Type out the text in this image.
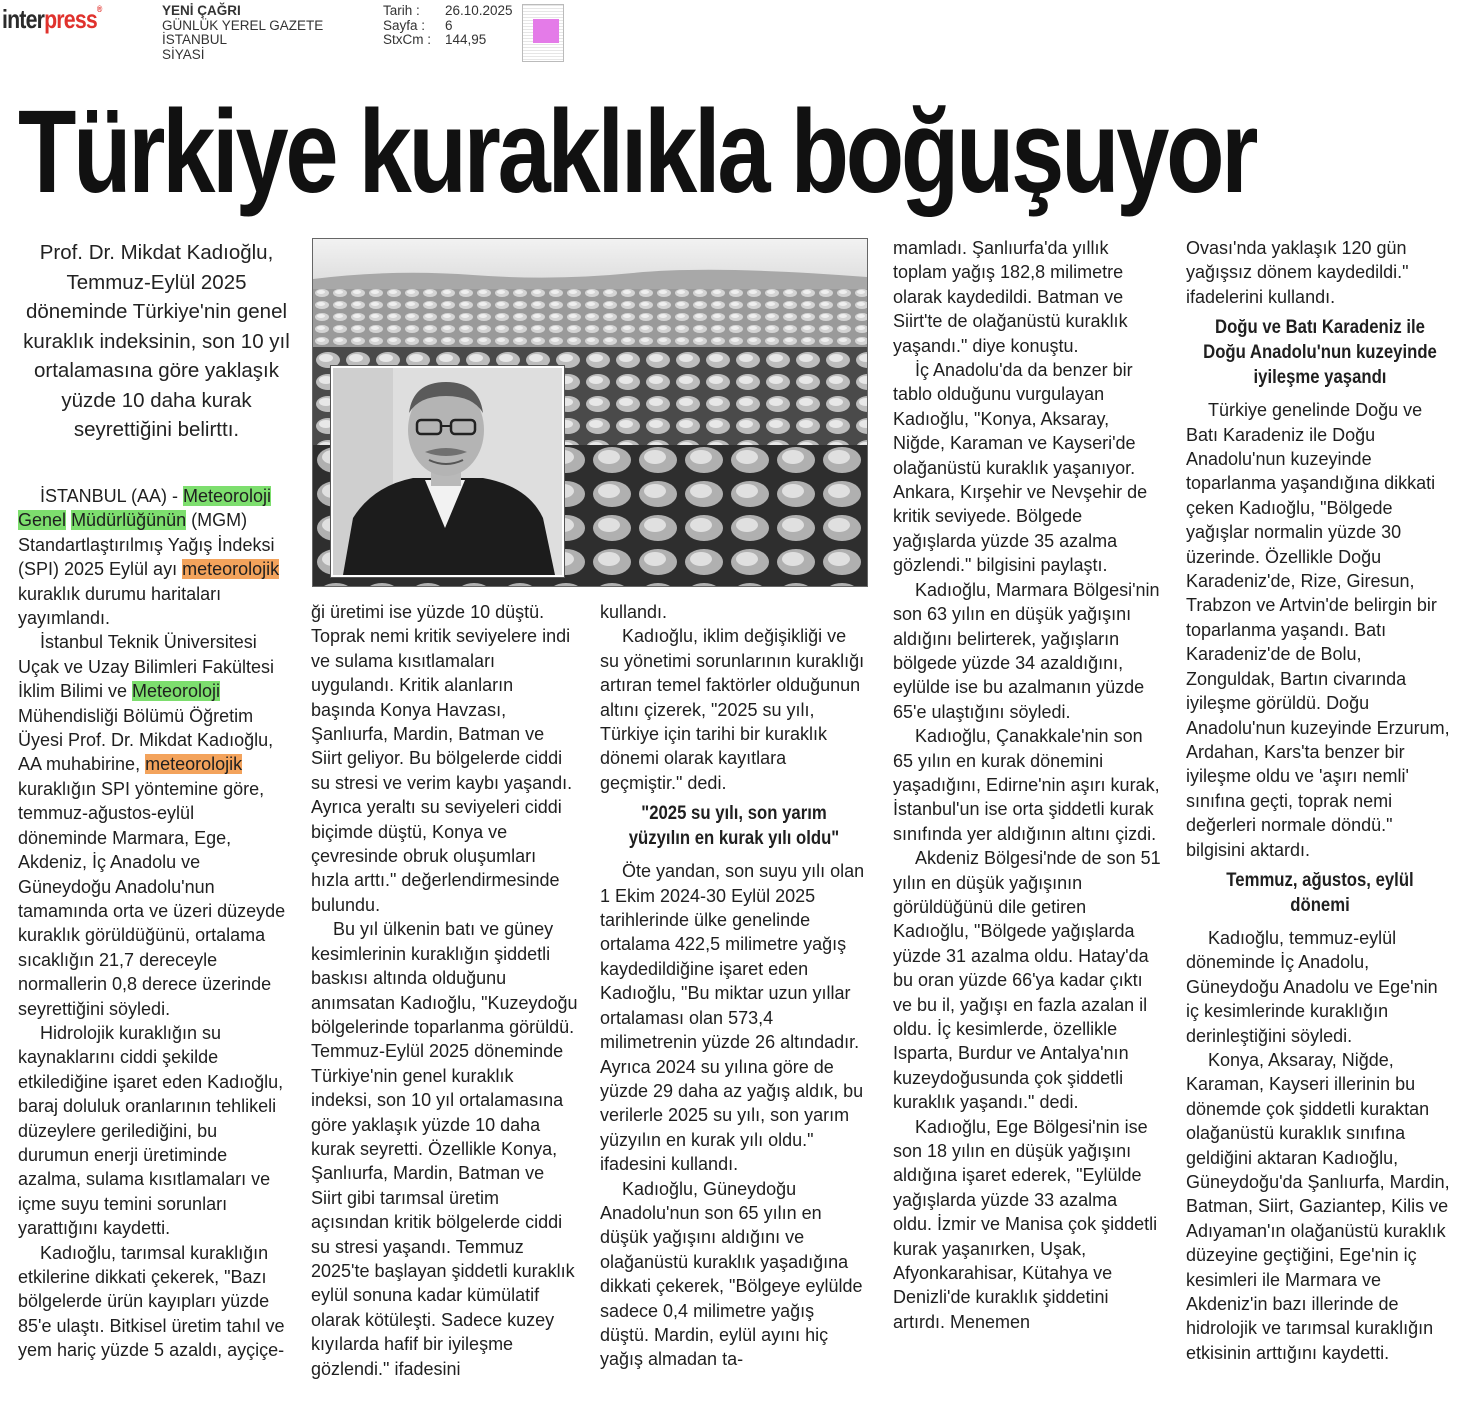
interpress®	YENİ ÇAĞRI
GÜNLÜK YEREL GAZETE
İSTANBUL
SİYASİ
Tarih : 26.10.2025
Sayfa : 6
StxCm : 144,95
Türkiye kuraklıkla boğuşuyor
Prof. Dr. Mikdat Kadıoğlu, Temmuz-Eylül 2025 döneminde Türkiye'nin genel kuraklık indeksinin, son 10 yıl ortalamasına göre yaklaşık yüzde 10 daha kurak seyrettiğini belirttı.

İSTANBUL (AA) - Meteoroloji Genel Müdürlüğünün (MGM) Standartlaştırılmış Yağış İndeksi (SPI) 2025 Eylül ayı meteorolojik kuraklık durumu haritaları yayımlandı.

İstanbul Teknik Üniversitesi Uçak ve Uzay Bilimleri Fakültesi İklim Bilimi ve Meteoroloji Mühendisliği Bölümü Öğretim Üyesi Prof. Dr. Mikdat Kadıoğlu, AA muhabirine, meteorolojik kuraklığın SPI yöntemine göre, temmuz-ağustos-eylül döneminde Marmara, Ege, Akdeniz, İç Anadolu ve Güneydoğu Anadolu'nun tamamında orta ve üzeri düzeyde kuraklık görüldüğünü, ortalama sıcaklığın 21,7 dereceyle normallerin 0,8 derece üzerinde seyrettiğini söyledi.

Hidrolojik kuraklığın su kaynaklarını ciddi şekilde etkilediğine işaret eden Kadıoğlu, baraj doluluk oranlarının tehlikeli düzeylere gerilediğini, bu durumun enerji üretiminde azalma, sulama kısıtlamaları ve içme suyu temini sorunları yarattığını kaydetti.

Kadıoğlu, tarımsal kuraklığın etkilerine dikkati çekerek, "Bazı bölgelerde ürün kayıpları yüzde 85'e ulaştı. Bitkisel üretim tahıl ve yem hariç yüzde 5 azaldı, ayçiçe-

ği üretimi ise yüzde 10 düştü. Toprak nemi kritik seviyelere indi ve sulama kısıtlamaları uygulandı. Kritik alanların başında Konya Havzası, Şanlıurfa, Mardin, Batman ve Siirt geliyor. Bu bölgelerde ciddi su stresi ve verim kaybı yaşandı. Ayrıca yeraltı su seviyeleri ciddi biçimde düştü, Konya ve çevresinde obruk oluşumları hızla arttı." değerlendirmesinde bulundu.

Bu yıl ülkenin batı ve güney kesimlerinin kuraklığın şiddetli baskısı altında olduğunu anımsatan Kadıoğlu, "Kuzeydoğu bölgelerinde toparlanma görüldü. Temmuz-Eylül 2025 döneminde Türkiye'nin genel kuraklık indeksi, son 10 yıl ortalamasına göre yaklaşık yüzde 10 daha kurak seyretti. Özellikle Konya, Şanlıurfa, Mardin, Batman ve Siirt gibi tarımsal üretim açısından kritik bölgelerde ciddi su stresi yaşandı. Temmuz 2025'te başlayan şiddetli kuraklık eylül sonuna kadar kümülatif olarak kötüleşti. Sadece kuzey kıyılarda hafif bir iyileşme gözlendi." ifadesini

kullandı.

Kadıoğlu, iklim değişikliği ve su yönetimi sorunlarının kuraklığı artıran temel faktörler olduğunun altını çizerek, "2025 su yılı, Türkiye için tarihi bir kuraklık dönemi olarak kayıtlara geçmiştir." dedi.

"2025 su yılı, son yarım yüzyılın en kurak yılı oldu"

Öte yandan, son suyu yılı olan 1 Ekim 2024-30 Eylül 2025 tarihlerinde ülke genelinde ortalama 422,5 milimetre yağış kaydedildiğine işaret eden Kadıoğlu, "Bu miktar uzun yıllar ortalaması olan 573,4 milimetrenin yüzde 26 altındadır. Ayrıca 2024 su yılına göre de yüzde 29 daha az yağış aldık, bu verilerle 2025 su yılı, son yarım yüzyılın en kurak yılı oldu." ifadesini kullandı.

Kadıoğlu, Güneydoğu Anadolu'nun son 65 yılın en düşük yağışını aldığını ve olağanüstü kuraklık yaşadığına dikkati çekerek, "Bölgeye eylülde sadece 0,4 milimetre yağış düştü. Mardin, eylül ayını hiç yağış almadan ta-

mamladı. Şanlıurfa'da yıllık toplam yağış 182,8 milimetre olarak kaydedildi. Batman ve Siirt'te de olağanüstü kuraklık yaşandı." diye konuştu.

İç Anadolu'da da benzer bir tablo olduğunu vurgulayan Kadıoğlu, "Konya, Aksaray, Niğde, Karaman ve Kayseri'de olağanüstü kuraklık yaşanıyor. Ankara, Kırşehir ve Nevşehir de kritik seviyede. Bölgede yağışlarda yüzde 35 azalma gözlendi." bilgisini paylaştı.

Kadıoğlu, Marmara Bölgesi'nin son 63 yılın en düşük yağışını aldığını belirterek, yağışların bölgede yüzde 34 azaldığını, eylülde ise bu azalmanın yüzde 65'e ulaştığını söyledi.

Kadıoğlu, Çanakkale'nin son 65 yılın en kurak dönemini yaşadığını, Edirne'nin aşırı kurak, İstanbul'un ise orta şiddetli kurak sınıfında yer aldığının altını çizdi.

Akdeniz Bölgesi'nde de son 51 yılın en düşük yağışının görüldüğünü dile getiren Kadıoğlu, "Bölgede yağışlarda yüzde 31 azalma oldu. Hatay'da bu oran yüzde 66'ya kadar çıktı ve bu il, yağışı en fazla azalan il oldu. İç kesimlerde, özellikle Isparta, Burdur ve Antalya'nın kuzeydoğusunda çok şiddetli kuraklık yaşandı." dedi.

Kadıoğlu, Ege Bölgesi'nin ise son 18 yılın en düşük yağışını aldığına işaret ederek, "Eylülde yağışlarda yüzde 33 azalma oldu. İzmir ve Manisa çok şiddetli kurak yaşanırken, Uşak, Afyonkarahisar, Kütahya ve Denizli'de kuraklık şiddetini artırdı. Menemen

Ovası'nda yaklaşık 120 gün yağışsız dönem kaydedildi." ifadelerini kullandı.

Doğu ve Batı Karadeniz ile Doğu Anadolu'nun kuzeyinde iyileşme yaşandı

Türkiye genelinde Doğu ve Batı Karadeniz ile Doğu Anadolu'nun kuzeyinde toparlanma yaşandığına dikkati çeken Kadıoğlu, "Bölgede yağışlar normalin yüzde 30 üzerinde. Özellikle Doğu Karadeniz'de, Rize, Giresun, Trabzon ve Artvin'de belirgin bir toparlanma yaşandı. Batı Karadeniz'de de Bolu, Zonguldak, Bartın civarında iyileşme görüldü. Doğu Anadolu'nun kuzeyinde Erzurum, Ardahan, Kars'ta benzer bir iyileşme oldu ve 'aşırı nemli' sınıfına geçti, toprak nemi değerleri normale döndü." bilgisini aktardı.

Temmuz, ağustos, eylül dönemi

Kadıoğlu, temmuz-eylül döneminde İç Anadolu, Güneydoğu Anadolu ve Ege'nin iç kesimlerinde kuraklığın derinleştiğini söyledi.

Konya, Aksaray, Niğde, Karaman, Kayseri illerinin bu dönemde çok şiddetli kuraktan olağanüstü kuraklık sınıfına geldiğini aktaran Kadıoğlu, Güneydoğu'da Şanlıurfa, Mardin, Batman, Siirt, Gaziantep, Kilis ve Adıyaman'ın olağanüstü kuraklık düzeyine geçtiğini, Ege'nin iç kesimleri ile Marmara ve Akdeniz'in bazı illerinde de hidrolojik ve tarımsal kuraklığın etkisinin arttığını kaydetti.
